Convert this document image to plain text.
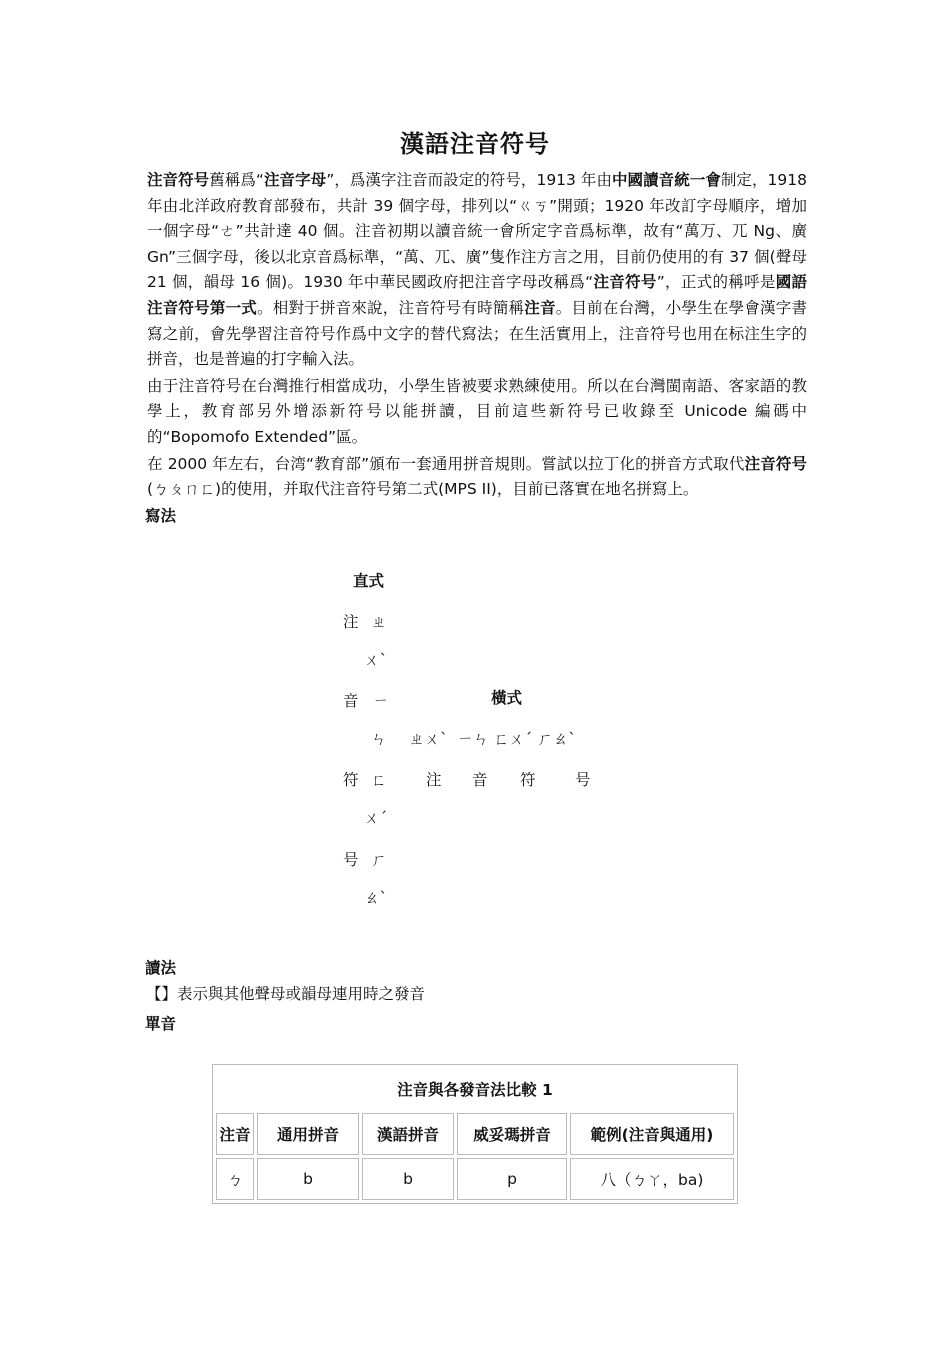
漢語注音符号

注音符号舊稱爲“注音字母”，爲漢字注音而設定的符号，1913 年由中國讀音統一會制定，1918 年由北洋政府教育部發布，共計 39 個字母，排列以“ㄍㄎ”開頭；1920 年改訂字母順序，增加一個字母“ㄜ”共計達 40 個。注音初期以讀音統一會所定字音爲标準，故有“萬ㄪ、兀 Ng、廣 Gn”三個字母，後以北京音爲标準，“萬、兀、廣”隻作注方言之用，目前仍使用的有 37 個(聲母 21 個，韻母 16 個)。1930 年中華民國政府把注音字母改稱爲“注音符号”，正式的稱呼是國語注音符号第一式。相對于拼音來說，注音符号有時簡稱注音。目前在台灣，小學生在學會漢字書寫之前，會先學習注音符号作爲中文字的替代寫法；在生活實用上，注音符号也用在标注生字的拼音，也是普遍的打字輸入法。

由于注音符号在台灣推行相當成功，小學生皆被要求熟練使用。所以在台灣閩南語、客家語的教學上，教育部另外增添新符号以能拼讀，目前這些新符号已收錄至 Unicode 編碼中的“Bopomofo Extended”區。

在 2000 年左右，台湾“教育部”頒布一套通用拼音規則。嘗試以拉丁化的拼音方式取代注音符号(ㄅㄆㄇㄈ)的使用，并取代注音符号第二式(MPS II)，目前已落實在地名拼寫上。

寫法
直式
注 ㄓ
ㄨˋ
音 ㄧ
ㄣ
符 ㄈ
ㄨˊ
号 ㄏ
ㄠˋ
橫式
ㄓㄨˋ  ㄧㄣ ㄈㄨˊ ㄏㄠˋ
注 音 符	号
讀法
【】表示與其他聲母或韻母連用時之發音
單音
注音與各發音法比較 1				
注音	通用拼音	漢語拼音	威妥瑪拼音	範例(注音與通用)
ㄅ	b	b	p	八（ㄅㄚ，ba)
